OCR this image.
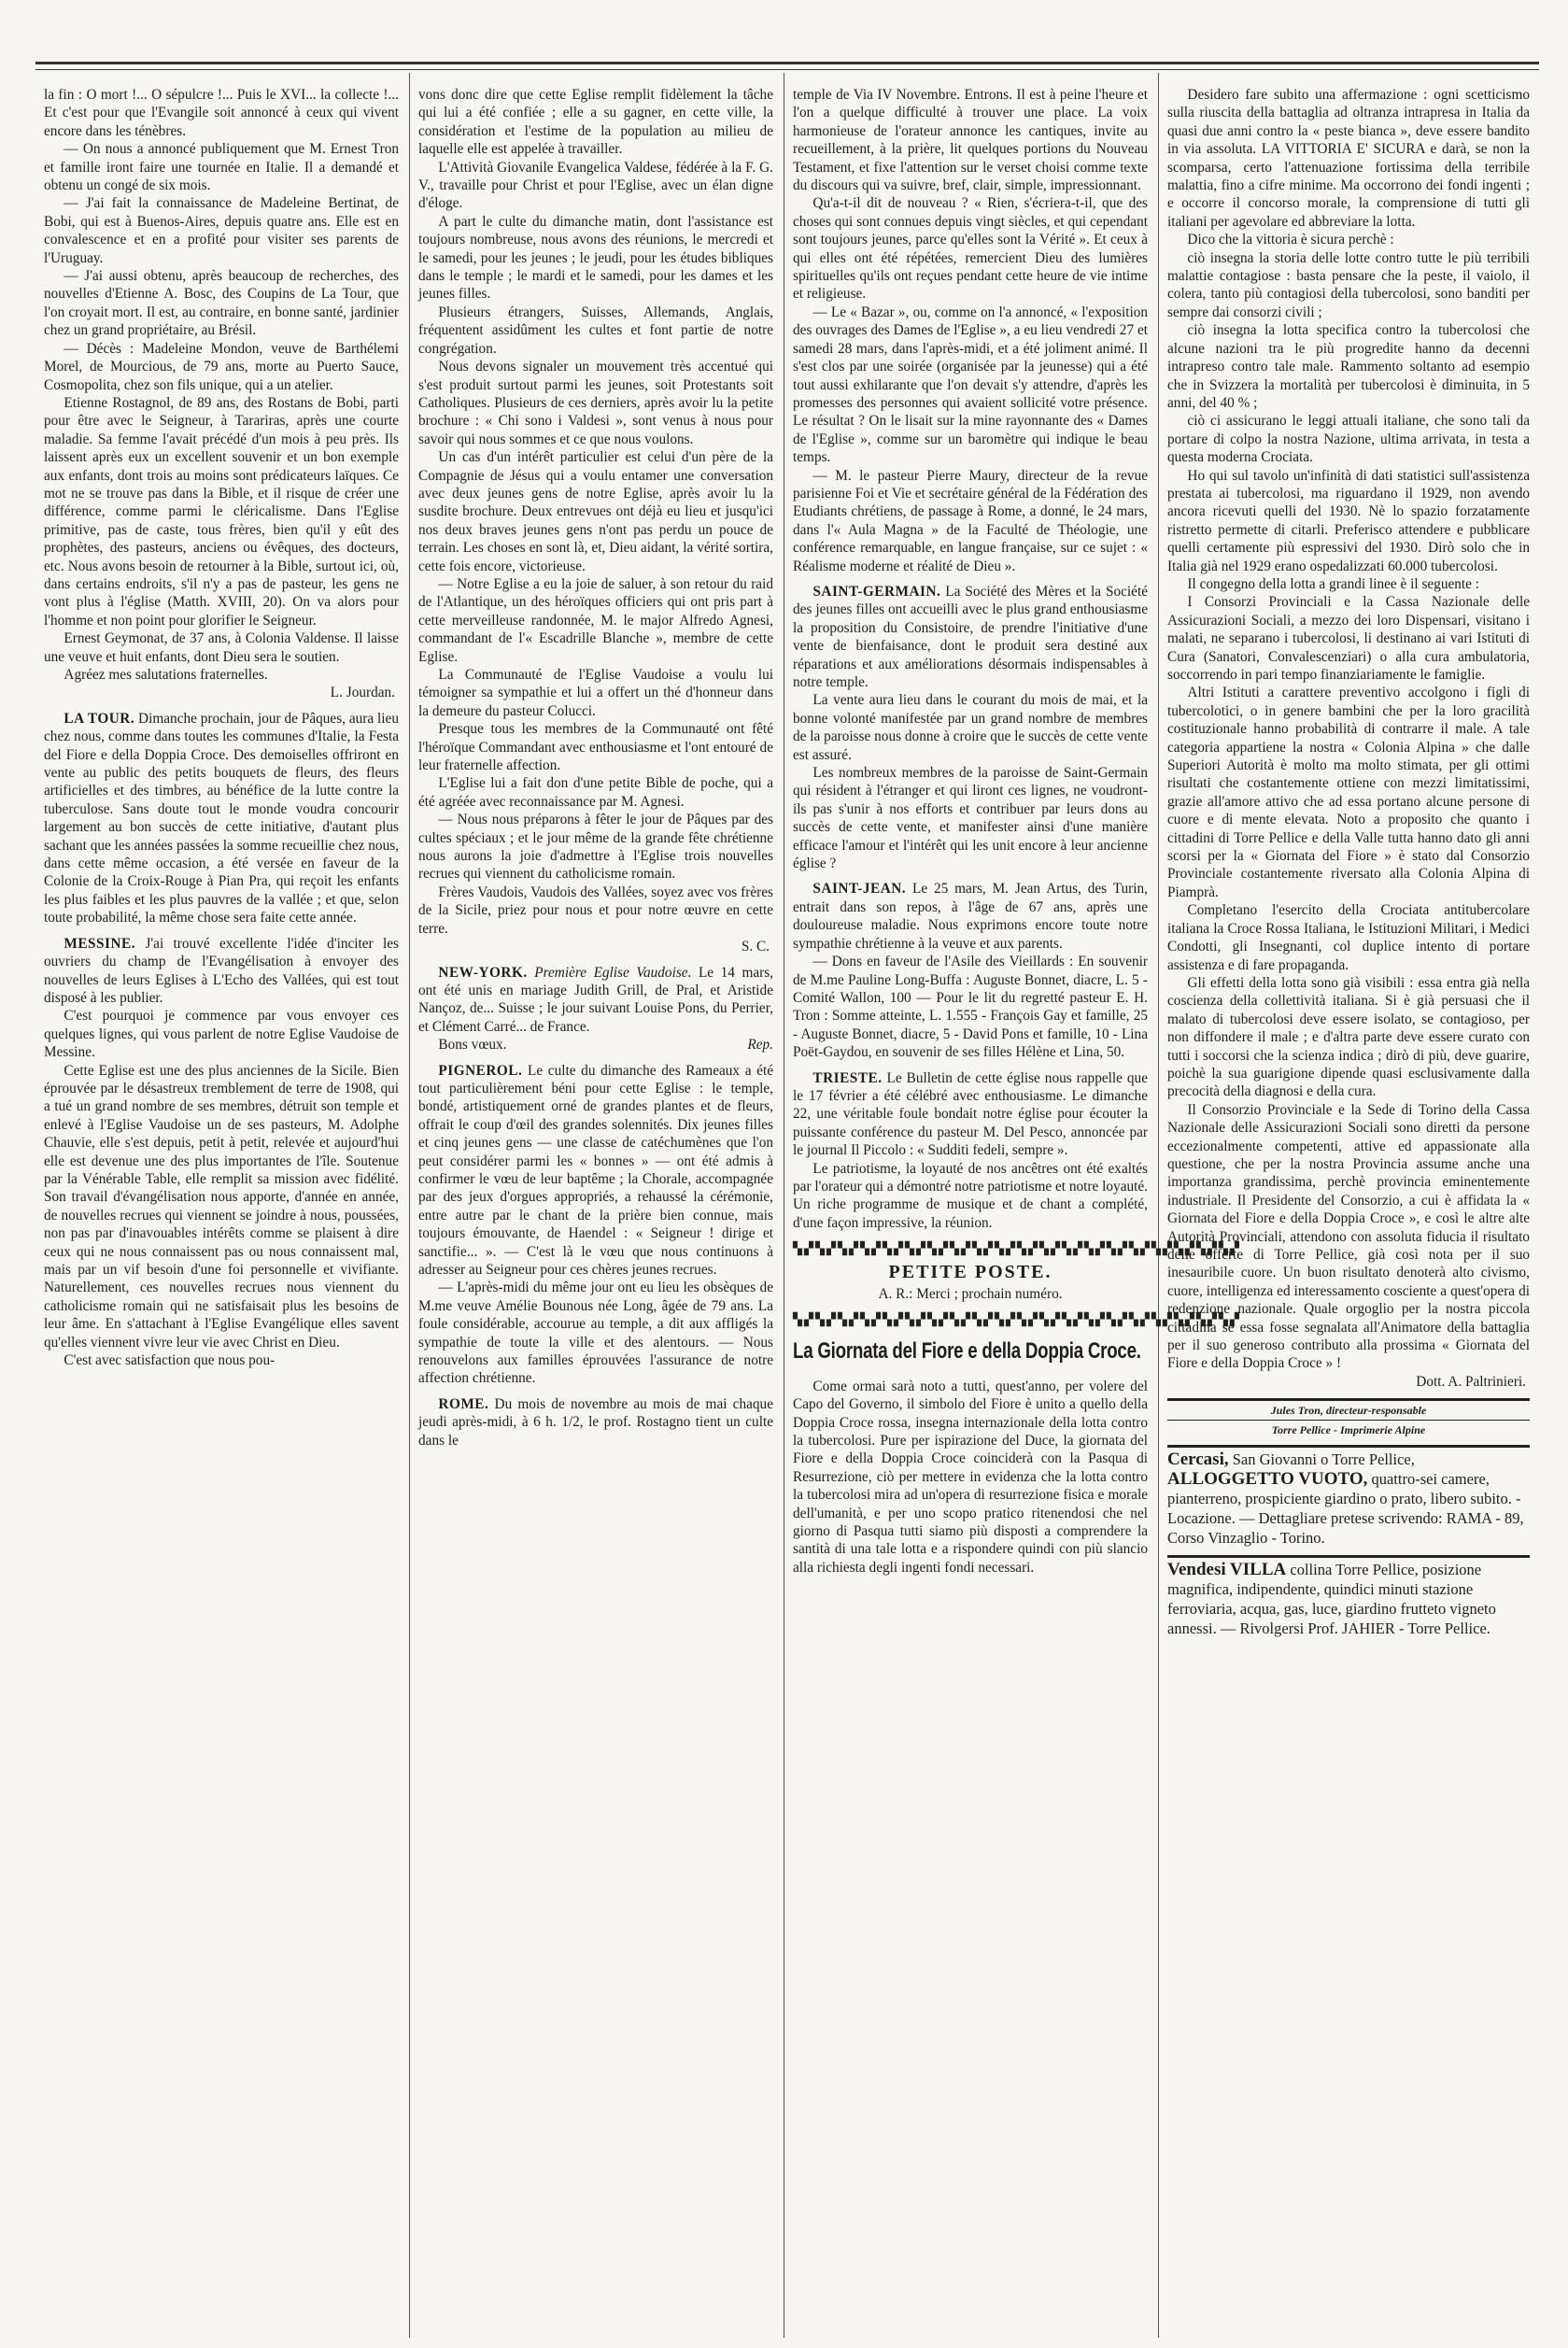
la fin : O mort !... O sépulcre !... Puis le XVI... la collecte !... Et c'est pour que l'Evangile soit annoncé à ceux qui vivent encore dans les ténèbres.

— On nous a annoncé publiquement que M. Ernest Tron et famille iront faire une tournée en Italie. Il a demandé et obtenu un congé de six mois.

— J'ai fait la connaissance de Madeleine Bertinat, de Bobi, qui est à Buenos-Aires, depuis quatre ans. Elle est en convalescence et en a profité pour visiter ses parents de l'Uruguay.

— J'ai aussi obtenu, après beaucoup de recherches, des nouvelles d'Etienne A. Bosc, des Coupins de La Tour, que l'on croyait mort. Il est, au contraire, en bonne santé, jardinier chez un grand propriétaire, au Brésil.

— Décès : Madeleine Mondon, veuve de Barthélemi Morel, de Mourcious, de 79 ans, morte au Puerto Sauce, Cosmopolita, chez son fils unique, qui a un atelier.

Etienne Rostagnol, de 89 ans, des Rostans de Bobi, parti pour être avec le Seigneur, à Tarariras, après une courte maladie. Sa femme l'avait précédé d'un mois à peu près. Ils laissent après eux un excellent souvenir et un bon exemple aux enfants, dont trois au moins sont prédicateurs laïques. Ce mot ne se trouve pas dans la Bible, et il risque de créer une différence, comme parmi le cléricalisme. Dans l'Eglise primitive, pas de caste, tous frères, bien qu'il y eût des prophètes, des pasteurs, anciens ou évêques, des docteurs, etc. Nous avons besoin de retourner à la Bible, surtout ici, où, dans certains endroits, s'il n'y a pas de pasteur, les gens ne vont plus à l'église (Matth. XVIII, 20). On va alors pour l'homme et non point pour glorifier le Seigneur.

Ernest Geymonat, de 37 ans, à Colonia Valdense. Il laisse une veuve et huit enfants, dont Dieu sera le soutien.

Agréez mes salutations fraternelles.

L. Jourdan.

LA TOUR. Dimanche prochain, jour de Pâques, aura lieu chez nous, comme dans toutes les communes d'Italie, la Festa del Fiore e della Doppia Croce. Des demoiselles offriront en vente au public des petits bouquets de fleurs, des fleurs artificielles et des timbres, au bénéfice de la lutte contre la tuberculose. Sans doute tout le monde voudra concourir largement au bon succès de cette initiative, d'autant plus sachant que les années passées la somme recueillie chez nous, dans cette même occasion, a été versée en faveur de la Colonie de la Croix-Rouge à Pian Pra, qui reçoit les enfants les plus faibles et les plus pauvres de la vallée ; et que, selon toute probabilité, la même chose sera faite cette année.

MESSINE. J'ai trouvé excellente l'idée d'inciter les ouvriers du champ de l'Evangélisation à envoyer des nouvelles de leurs Eglises à L'Echo des Vallées, qui est tout disposé à les publier.

C'est pourquoi je commence par vous envoyer ces quelques lignes, qui vous parlent de notre Eglise Vaudoise de Messine.

Cette Eglise est une des plus anciennes de la Sicile. Bien éprouvée par le désastreux tremblement de terre de 1908, qui a tué un grand nombre de ses membres, détruit son temple et enlevé à l'Eglise Vaudoise un de ses pasteurs, M. Adolphe Chauvie, elle s'est depuis, petit à petit, relevée et aujourd'hui elle est devenue une des plus importantes de l'île. Soutenue par la Vénérable Table, elle remplit sa mission avec fidélité. Son travail d'évangélisation nous apporte, d'année en année, de nouvelles recrues qui viennent se joindre à nous, poussées, non pas par d'inavouables intérêts comme se plaisent à dire ceux qui ne nous connaissent pas ou nous connaissent mal, mais par un vif besoin d'une foi personnelle et vivifiante. Naturellement, ces nouvelles recrues nous viennent du catholicisme romain qui ne satisfaisait plus les besoins de leur âme. En s'attachant à l'Eglise Evangélique elles savent qu'elles viennent vivre leur vie avec Christ en Dieu.

C'est avec satisfaction que nous pou-

vons donc dire que cette Eglise remplit fidèlement la tâche qui lui a été confiée ; elle a su gagner, en cette ville, la considération et l'estime de la population au milieu de laquelle elle est appelée à travailler.

L'Attività Giovanile Evangelica Valdese, fédérée à la F. G. V., travaille pour Christ et pour l'Eglise, avec un élan digne d'éloge.

A part le culte du dimanche matin, dont l'assistance est toujours nombreuse, nous avons des réunions, le mercredi et le samedi, pour les jeunes ; le jeudi, pour les études bibliques dans le temple ; le mardi et le samedi, pour les dames et les jeunes filles.

Plusieurs étrangers, Suisses, Allemands, Anglais, fréquentent assidûment les cultes et font partie de notre congrégation.

Nous devons signaler un mouvement très accentué qui s'est produit surtout parmi les jeunes, soit Protestants soit Catholiques. Plusieurs de ces derniers, après avoir lu la petite brochure : « Chi sono i Valdesi », sont venus à nous pour savoir qui nous sommes et ce que nous voulons.

Un cas d'un intérêt particulier est celui d'un père de la Compagnie de Jésus qui a voulu entamer une conversation avec deux jeunes gens de notre Eglise, après avoir lu la susdite brochure. Deux entrevues ont déjà eu lieu et jusqu'ici nos deux braves jeunes gens n'ont pas perdu un pouce de terrain. Les choses en sont là, et, Dieu aidant, la vérité sortira, cette fois encore, victorieuse.

— Notre Eglise a eu la joie de saluer, à son retour du raid de l'Atlantique, un des héroïques officiers qui ont pris part à cette merveilleuse randonnée, M. le major Alfredo Agnesi, commandant de l'« Escadrille Blanche », membre de cette Eglise.

La Communauté de l'Eglise Vaudoise a voulu lui témoigner sa sympathie et lui a offert un thé d'honneur dans la demeure du pasteur Colucci.

Presque tous les membres de la Communauté ont fêté l'héroïque Commandant avec enthousiasme et l'ont entouré de leur fraternelle affection.

L'Eglise lui a fait don d'une petite Bible de poche, qui a été agréée avec reconnaissance par M. Agnesi.

— Nous nous préparons à fêter le jour de Pâques par des cultes spéciaux ; et le jour même de la grande fête chrétienne nous aurons la joie d'admettre à l'Eglise trois nouvelles recrues qui viennent du catholicisme romain.

Frères Vaudois, Vaudois des Vallées, soyez avec vos frères de la Sicile, priez pour nous et pour notre œuvre en cette terre.

S. C.

NEW-YORK. Première Eglise Vaudoise. Le 14 mars, ont été unis en mariage Judith Grill, de Pral, et Aristide Nançoz, de... Suisse ; le jour suivant Louise Pons, du Perrier, et Clément Carré... de France.

Bons vœux.	Rep.

PIGNEROL. Le culte du dimanche des Rameaux a été tout particulièrement béni pour cette Eglise : le temple, bondé, artistiquement orné de grandes plantes et de fleurs, offrait le coup d'œil des grandes solennités. Dix jeunes filles et cinq jeunes gens — une classe de catéchumènes que l'on peut considérer parmi les « bonnes » — ont été admis à confirmer le vœu de leur baptême ; la Chorale, accompagnée par des jeux d'orgues appropriés, a rehaussé la cérémonie, entre autre par le chant de la prière bien connue, mais toujours émouvante, de Haendel : « Seigneur ! dirige et sanctifie... ». — C'est là le vœu que nous continuons à adresser au Seigneur pour ces chères jeunes recrues.

— L'après-midi du même jour ont eu lieu les obsèques de M.me veuve Amélie Bounous née Long, âgée de 79 ans. La foule considérable, accourue au temple, a dit aux affligés la sympathie de toute la ville et des alentours. — Nous renouvelons aux familles éprouvées l'assurance de notre affection chrétienne.

ROME. Du mois de novembre au mois de mai chaque jeudi après-midi, à 6 h. 1/2, le prof. Rostagno tient un culte dans le

temple de Via IV Novembre. Entrons. Il est à peine l'heure et l'on a quelque difficulté à trouver une place. La voix harmonieuse de l'orateur annonce les cantiques, invite au recueillement, à la prière, lit quelques portions du Nouveau Testament, et fixe l'attention sur le verset choisi comme texte du discours qui va suivre, bref, clair, simple, impressionnant.

Qu'a-t-il dit de nouveau ? « Rien, s'écriera-t-il, que des choses qui sont connues depuis vingt siècles, et qui cependant sont toujours jeunes, parce qu'elles sont la Vérité ». Et ceux à qui elles ont été répétées, remercient Dieu des lumières spirituelles qu'ils ont reçues pendant cette heure de vie intime et religieuse.

— Le « Bazar », ou, comme on l'a annoncé, « l'exposition des ouvrages des Dames de l'Eglise », a eu lieu vendredi 27 et samedi 28 mars, dans l'après-midi, et a été joliment animé. Il s'est clos par une soirée (organisée par la jeunesse) qui a été tout aussi exhilarante que l'on devait s'y attendre, d'après les promesses des personnes qui avaient sollicité votre présence. Le résultat ? On le lisait sur la mine rayonnante des « Dames de l'Eglise », comme sur un baromètre qui indique le beau temps.

— M. le pasteur Pierre Maury, directeur de la revue parisienne Foi et Vie et secrétaire général de la Fédération des Etudiants chrétiens, de passage à Rome, a donné, le 24 mars, dans l'« Aula Magna » de la Faculté de Théologie, une conférence remarquable, en langue française, sur ce sujet : « Réalisme moderne et réalité de Dieu ».

SAINT-GERMAIN. La Société des Mères et la Société des jeunes filles ont accueilli avec le plus grand enthousiasme la proposition du Consistoire, de prendre l'initiative d'une vente de bienfaisance, dont le produit sera destiné aux réparations et aux améliorations désormais indispensables à notre temple.

La vente aura lieu dans le courant du mois de mai, et la bonne volonté manifestée par un grand nombre de membres de la paroisse nous donne à croire que le succès de cette vente est assuré.

Les nombreux membres de la paroisse de Saint-Germain qui résident à l'étranger et qui liront ces lignes, ne voudront-ils pas s'unir à nos efforts et contribuer par leurs dons au succès de cette vente, et manifester ainsi d'une manière efficace l'amour et l'intérêt qui les unit encore à leur ancienne église ?

SAINT-JEAN. Le 25 mars, M. Jean Artus, des Turin, entrait dans son repos, à l'âge de 67 ans, après une douloureuse maladie. Nous exprimons encore toute notre sympathie chrétienne à la veuve et aux parents.

— Dons en faveur de l'Asile des Vieillards : En souvenir de M.me Pauline Long-Buffa : Auguste Bonnet, diacre, L. 5 - Comité Wallon, 100 — Pour le lit du regretté pasteur E. H. Tron : Somme atteinte, L. 1.555 - François Gay et famille, 25 - Auguste Bonnet, diacre, 5 - David Pons et famille, 10 - Lina Poët-Gaydou, en souvenir de ses filles Hélène et Lina, 50.

TRIESTE. Le Bulletin de cette église nous rappelle que le 17 février a été célébré avec enthousiasme. Le dimanche 22, une véritable foule bondait notre église pour écouter la puissante conférence du pasteur M. Del Pesco, annoncée par le journal Il Piccolo : « Sudditi fedeli, sempre ».

Le patriotisme, la loyauté de nos ancêtres ont été exaltés par l'orateur qui a démontré notre patriotisme et notre loyauté. Un riche programme de musique et de chant a complété, d'une façon impressive, la réunion.

▚▞▚▞▚▞▚▞▚▞▚▞▚▞▚▞▚▞▚▞▚▞▚▞▚▞▚▞▚▞▚▞▚▞▚▞▚▞▚▞
PETITE POSTE.

A. R.: Merci ; prochain numéro.

▚▞▚▞▚▞▚▞▚▞▚▞▚▞▚▞▚▞▚▞▚▞▚▞▚▞▚▞▚▞▚▞▚▞▚▞▚▞▚▞
La Giornata del Fiore e della Doppia Croce.

Come ormai sarà noto a tutti, quest'anno, per volere del Capo del Governo, il simbolo del Fiore è unito a quello della Doppia Croce rossa, insegna internazionale della lotta contro la tubercolosi. Pure per ispirazione del Duce, la giornata del Fiore e della Doppia Croce coinciderà con la Pasqua di Resurrezione, ciò per mettere in evidenza che la lotta contro la tubercolosi mira ad un'opera di resurrezione fisica e morale dell'umanità, e per uno scopo pratico ritenendosi che nel giorno di Pasqua tutti siamo più disposti a comprendere la santità di una tale lotta e a rispondere quindi con più slancio alla richiesta degli ingenti fondi necessari.

Desidero fare subito una affermazione : ogni scetticismo sulla riuscita della battaglia ad oltranza intrapresa in Italia da quasi due anni contro la « peste bianca », deve essere bandito in via assoluta. LA VITTORIA E' SICURA e darà, se non la scomparsa, certo l'attenuazione fortissima della terribile malattia, fino a cifre minime. Ma occorrono dei fondi ingenti ; e occorre il concorso morale, la comprensione di tutti gli italiani per agevolare ed abbreviare la lotta.

Dico che la vittoria è sicura perchè :

ciò insegna la storia delle lotte contro tutte le più terribili malattie contagiose : basta pensare che la peste, il vaiolo, il colera, tanto più contagiosi della tubercolosi, sono banditi per sempre dai consorzi civili ;

ciò insegna la lotta specifica contro la tubercolosi che alcune nazioni tra le più progredite hanno da decenni intrapreso contro tale male. Rammento soltanto ad esempio che in Svizzera la mortalità per tubercolosi è diminuita, in 5 anni, del 40 % ;

ciò ci assicurano le leggi attuali italiane, che sono tali da portare di colpo la nostra Nazione, ultima arrivata, in testa a questa moderna Crociata.

Ho qui sul tavolo un'infinità di dati statistici sull'assistenza prestata ai tubercolosi, ma riguardano il 1929, non avendo ancora ricevuti quelli del 1930. Nè lo spazio forzatamente ristretto permette di citarli. Preferisco attendere e pubblicare quelli certamente più espressivi del 1930. Dirò solo che in Italia già nel 1929 erano ospedalizzati 60.000 tubercolosi.

Il congegno della lotta a grandi linee è il seguente :

I Consorzi Provinciali e la Cassa Nazionale delle Assicurazioni Sociali, a mezzo dei loro Dispensari, visitano i malati, ne separano i tubercolosi, li destinano ai vari Istituti di Cura (Sanatori, Convalescenziari) o alla cura ambulatoria, soccorrendo in pari tempo finanziariamente le famiglie.

Altri Istituti a carattere preventivo accolgono i figli di tubercolotici, o in genere bambini che per la loro gracilità costituzionale hanno probabilità di contrarre il male. A tale categoria appartiene la nostra « Colonia Alpina » che dalle Superiori Autorità è molto ma molto stimata, per gli ottimi risultati che costantemente ottiene con mezzi limitatissimi, grazie all'amore attivo che ad essa portano alcune persone di cuore e di mente elevata. Noto a proposito che quanto i cittadini di Torre Pellice e della Valle tutta hanno dato gli anni scorsi per la « Giornata del Fiore » è stato dal Consorzio Provinciale costantemente riversato alla Colonia Alpina di Piamprà.

Completano l'esercito della Crociata antitubercolare italiana la Croce Rossa Italiana, le Istituzioni Militari, i Medici Condotti, gli Insegnanti, col duplice intento di portare assistenza e di fare propaganda.

Gli effetti della lotta sono già visibili : essa entra già nella coscienza della collettività italiana. Si è già persuasi che il malato di tubercolosi deve essere isolato, se contagioso, per non diffondere il male ; e d'altra parte deve essere curato con tutti i soccorsi che la scienza indica ; dirò di più, deve guarire, poichè la sua guarigione dipende quasi esclusivamente dalla precocità della diagnosi e della cura.

Il Consorzio Provinciale e la Sede di Torino della Cassa Nazionale delle Assicurazioni Sociali sono diretti da persone eccezionalmente competenti, attive ed appassionate alla questione, che per la nostra Provincia assume anche una importanza grandissima, perchè provincia eminentemente industriale. Il Presidente del Consorzio, a cui è affidata la « Giornata del Fiore e della Doppia Croce », e così le altre alte Autorità Provinciali, attendono con assoluta fiducia il risultato delle offerte di Torre Pellice, già così nota per il suo inesauribile cuore. Un buon risultato denoterà alto civismo, cuore, intelligenza ed interessamento cosciente a quest'opera di redenzione nazionale. Quale orgoglio per la nostra piccola cittadina se essa fosse segnalata all'Animatore della battaglia per il suo generoso contributo alla prossima « Giornata del Fiore e della Doppia Croce » !

Dott. A. Paltrinieri.

Jules Tron, directeur-responsable
Torre Pellice - Imprimerie Alpine

Cercasi, San Giovanni o Torre Pellice, ALLOGGETTO VUOTO, quattro-sei camere, pianterreno, prospiciente giardino o prato, libero subito. - Locazione. — Dettagliare pretese scrivendo: RAMA - 89, Corso Vinzaglio - Torino.

Vendesi VILLA collina Torre Pellice, posizione magnifica, indipendente, quindici minuti stazione ferroviaria, acqua, gas, luce, giardino frutteto vigneto annessi. — Rivolgersi Prof. JAHIER - Torre Pellice.
